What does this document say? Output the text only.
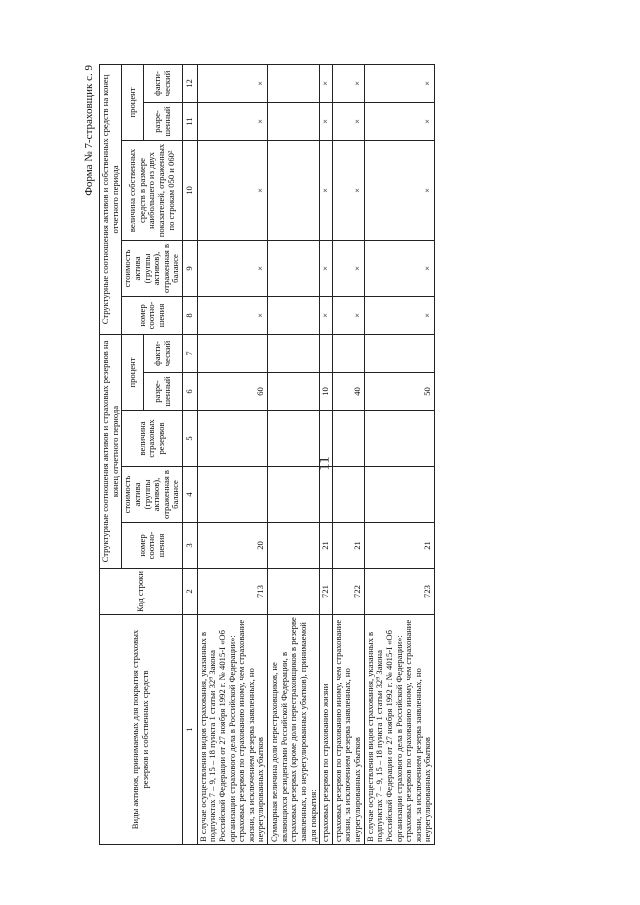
11
Форма № 7-страховщик с. 9
Виды активов, принимаемых для покрытия страховых резервов и собственных средств	Код строки	Структурные соотношения активов и страховых резервов на конец отчетного периода					Структурные соотношения активов и собственных средств на конец отчетного периода				
		номер соотно-шения	стоимость актива (группы активов), отраженная в балансе	величина страховых резервов	процент		номер соотно-шения	стоимость актива (группы активов), отраженная в балансе	величина собственных средств в размере наибольшего из двух показателей, отраженных по строкам 050 и 060²	процент	
					разре-шенный	факти-ческий				разре-шенный	факти-ческий
1	2	3	4	5	6	7	8	9	10	11	12
В случае осуществления видов страхования, указанных в подпунктах 7 – 9, 15 – 18 пункта 1 статьи 32⁹ Закона Российской Федерации от 27 ноября 1992 г. № 4015-I «Об организации страхового дела в Российской Федерации»: страховых резервов по страхованию иному, чем страхование жизни, за исключением резерва заявленных, но неурегулированных убытков	713	20			60		×	×	×	×	×
Суммарная величина доли перестраховщиков, не являющихся резидентами Российской Федерации, в страховых резервах (кроме доли перестраховщиков в резерве заявленных, но неурегулированных убытков), принимаемой для покрытия:											
страховых резервов по страхованию жизни	721	21			10		×	×	×	×	×
страховых резервов по страхованию иному, чем страхование жизни, за исключением резерва заявленных, но неурегулированных убытков	722	21			40		×	×	×	×	×
В случае осуществления видов страхования, указанных в подпунктах 7 – 9, 15 – 18 пункта 1 статьи 32⁹ Закона Российской Федерации от 27 ноября 1992 г. № 4015-I «Об организации страхового дела в Российской Федерации»: страховых резервов по страхованию иному, чем страхование жизни, за исключением резерва заявленных, но неурегулированных убытков	723	21			50		×	×	×	×	×
